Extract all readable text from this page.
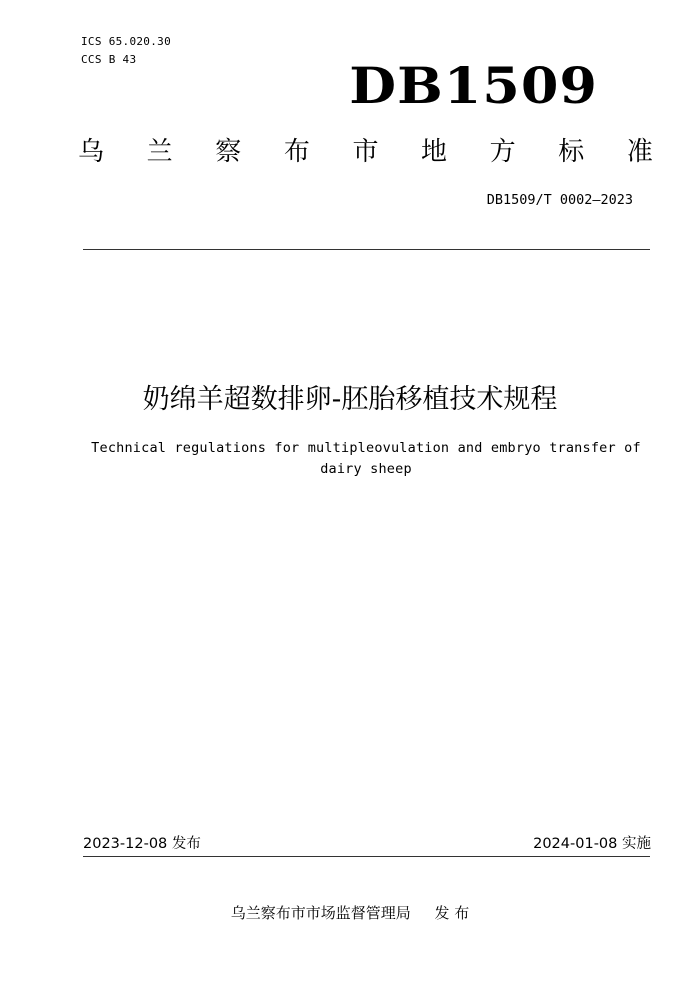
ICS 65.020.30
CCS B 43	DB1509
乌 兰 察 布 市 地 方 标 准
DB1509/T 0002—2023
奶绵羊超数排卵-胚胎移植技术规程
Technical regulations for multipleovulation and embryo transfer of dairy sheep
2023-12-08 发布	2024-01-08 实施
乌兰察布市市场监督管理局     发 布
